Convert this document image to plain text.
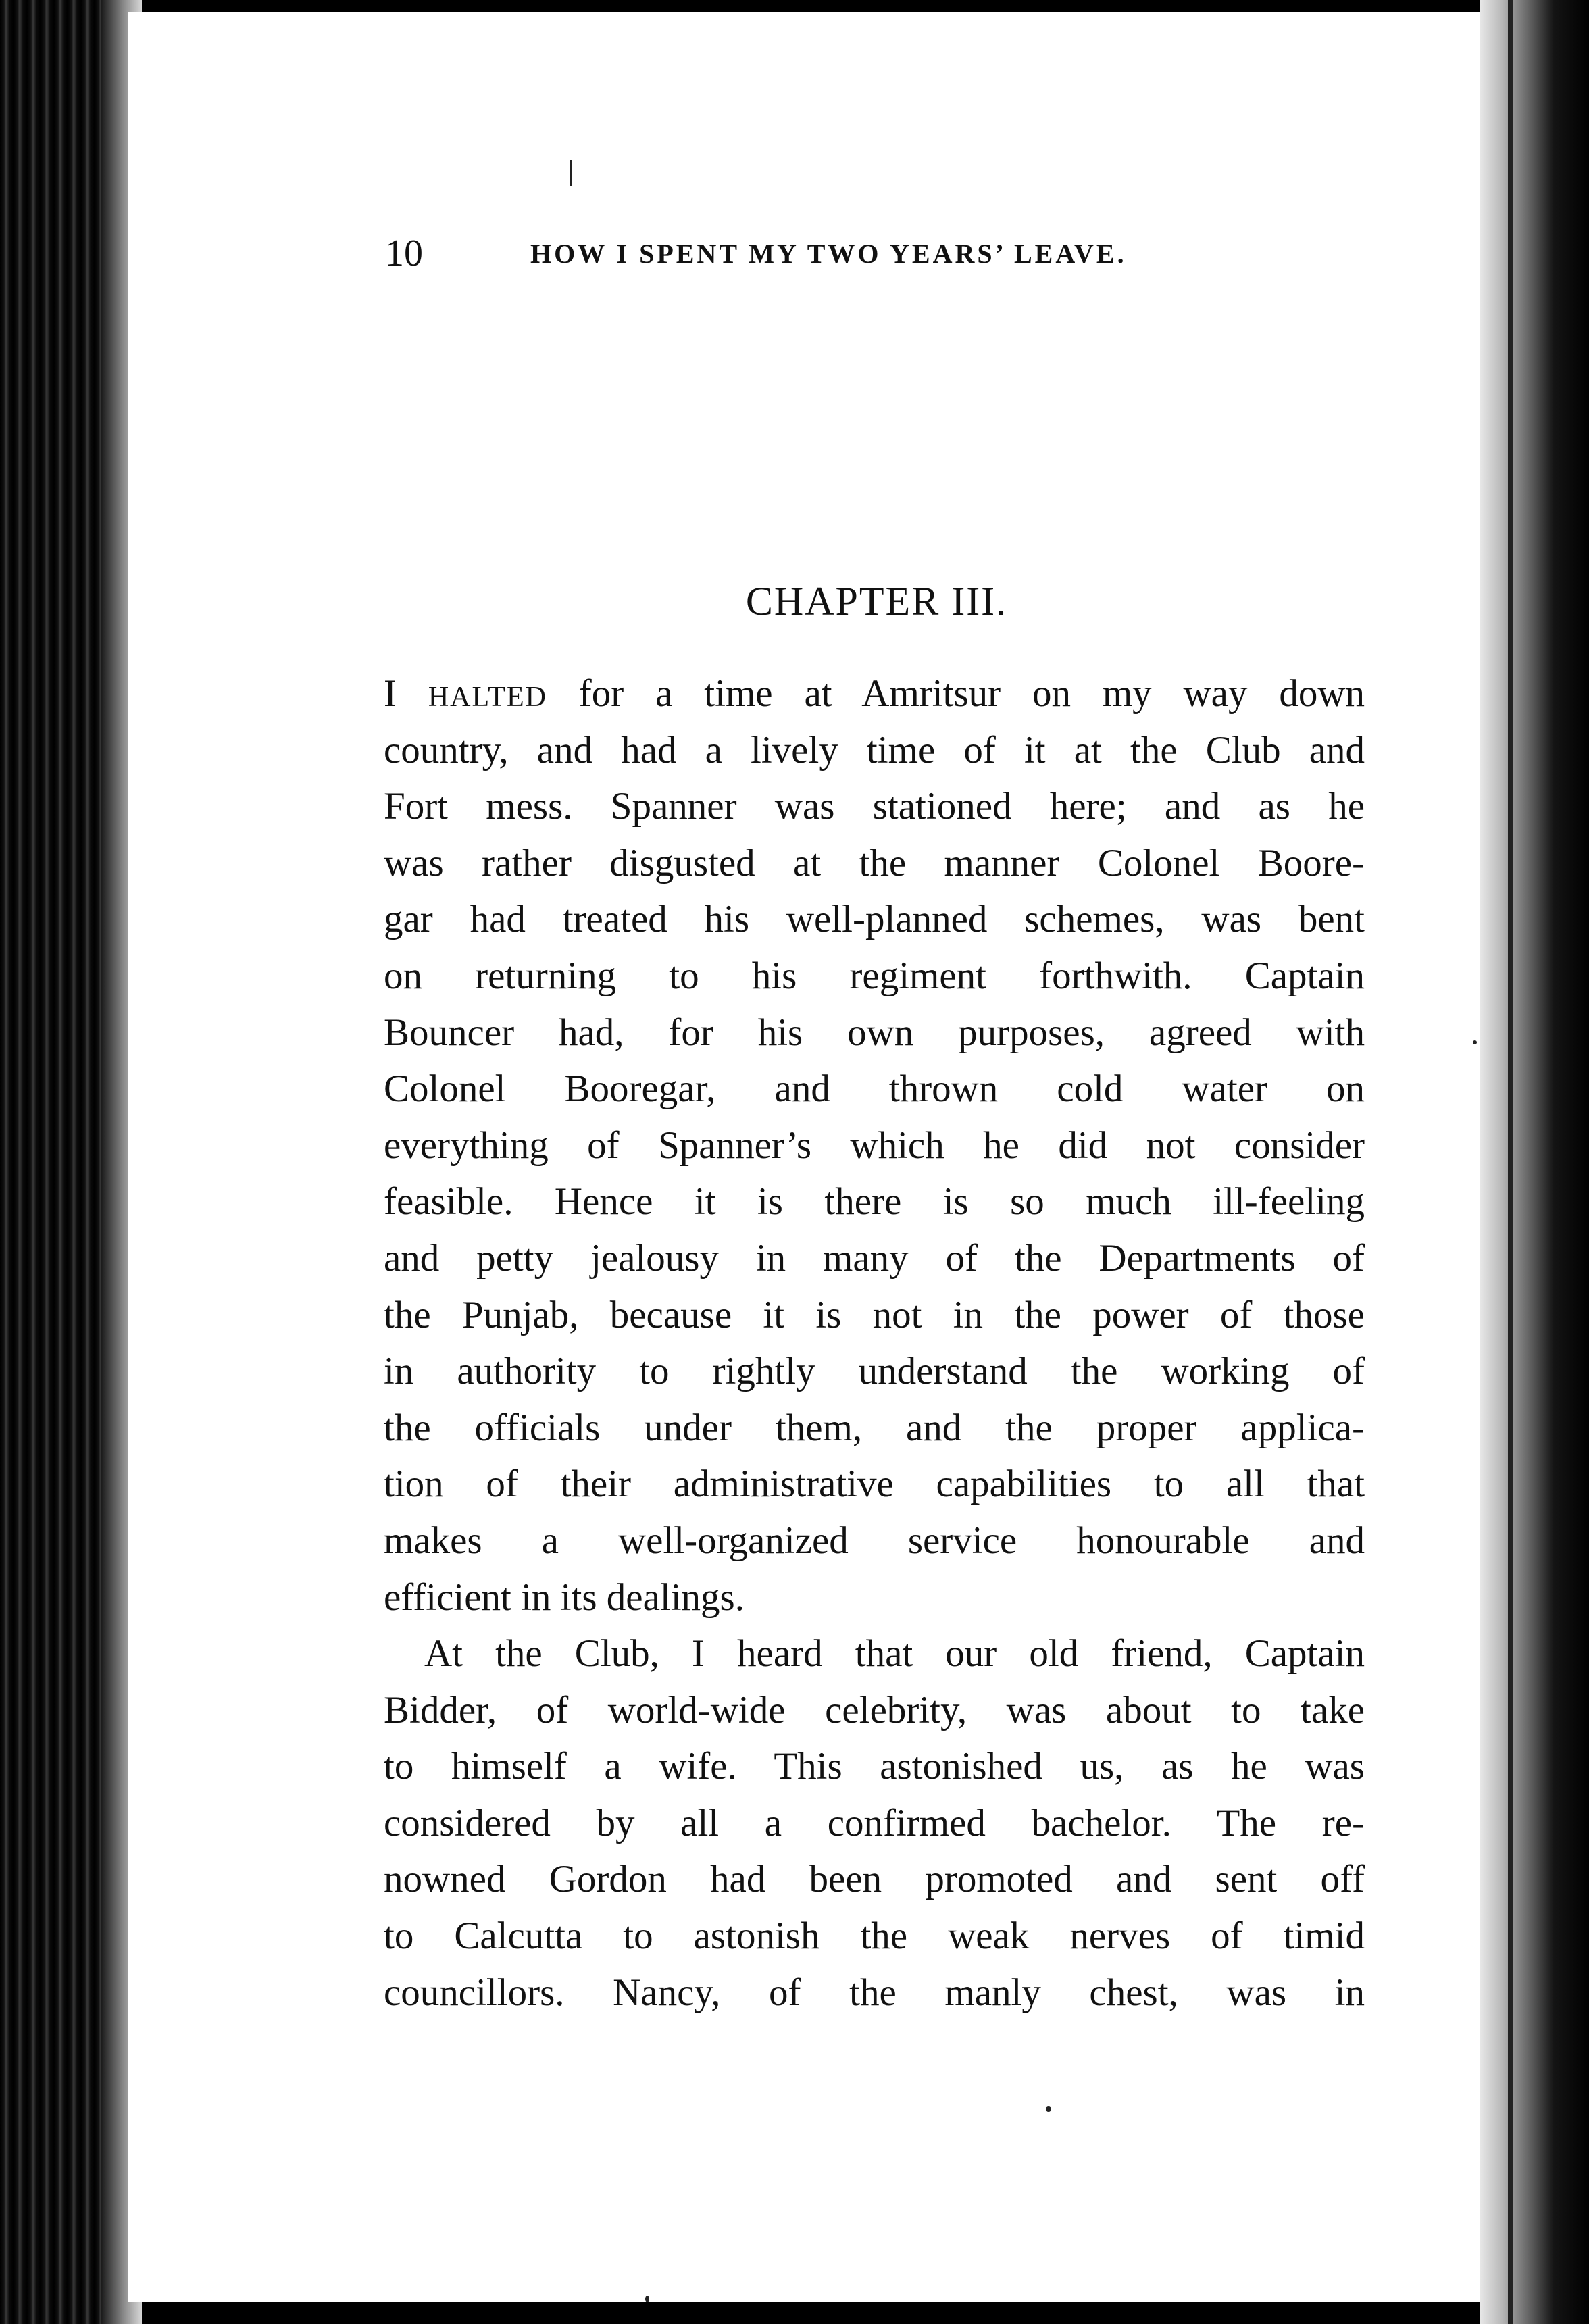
10	HOW I SPENT MY TWO YEARS’ LEAVE.
CHAPTER III.
I HALTED for a time at Amritsur on my way down
country, and had a lively time of it at the Club and
Fort mess. Spanner was stationed here; and as he
was rather disgusted at the manner Colonel Boore-
gar had treated his well-planned schemes, was bent
on returning to his regiment forthwith. Captain
Bouncer had, for his own purposes, agreed with
Colonel Booregar, and thrown cold water on
everything of Spanner’s which he did not consider
feasible. Hence it is there is so much ill-feeling
and petty jealousy in many of the Departments of
the Punjab, because it is not in the power of those
in authority to rightly understand the working of
the officials under them, and the proper applica-
tion of their administrative capabilities to all that
makes a well-organized service honourable and
efficient in its dealings.
At the Club, I heard that our old friend, Captain
Bidder, of world-wide celebrity, was about to take
to himself a wife. This astonished us, as he was
considered by all a confirmed bachelor. The re-
nowned Gordon had been promoted and sent off
to Calcutta to astonish the weak nerves of timid
councillors. Nancy, of the manly chest, was in
